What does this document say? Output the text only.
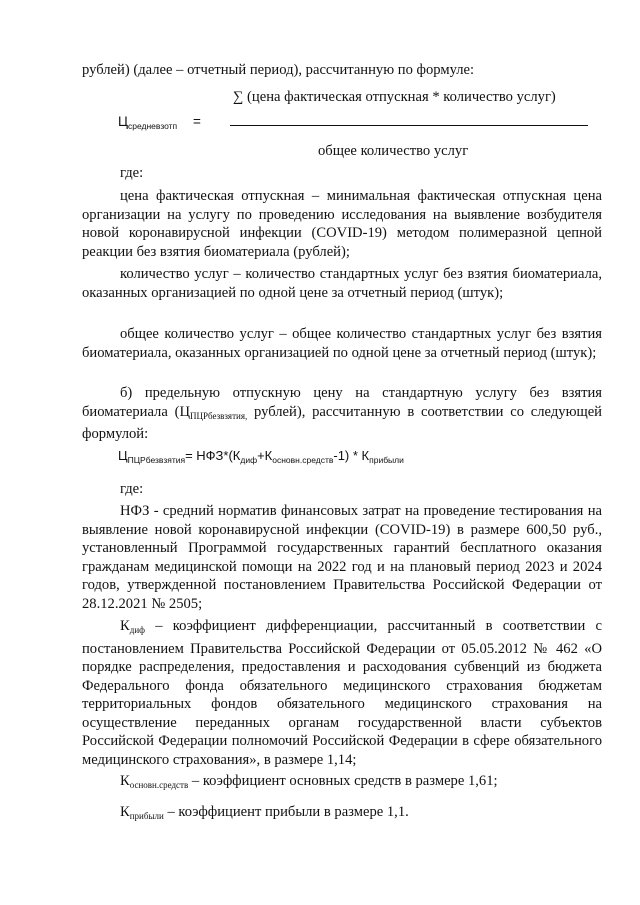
рублей) (далее – отчетный период), рассчитанную по формуле:

∑ (цена фактическая отпускная * количество услуг)
$Ц_{средневзотп}$ =
общее количество услуг

где:

цена фактическая отпускная – минимальная фактическая отпускная цена организации на услугу по проведению исследования на выявление возбудителя новой коронавирусной инфекции (COVID-19) методом полимеразной цепной реакции без взятия биоматериала (рублей);

количество услуг – количество стандартных услуг без взятия биоматериала, оказанных организацией по одной цене за отчетный период (штук);

общее количество услуг – общее количество стандартных услуг без взятия биоматериала, оказанных организацией по одной цене за отчетный период (штук);

б) предельную отпускную цену на стандартную услугу без взятия биоматериала ($Ц_{ПЦРбезвзятия,}$ рублей), рассчитанную в соответствии со следующей формулой:

$Ц_{ПЦРбезвзятия}= НФЗ*(К_{диф}+К_{основн.средств}-1) * К_{прибыли}$

где:

НФЗ - средний норматив финансовых затрат на проведение тестирования на выявление новой коронавирусной инфекции (COVID-19) в размере 600,50 руб., установленный Программой государственных гарантий бесплатного оказания гражданам медицинской помощи на 2022 год и на плановый период 2023 и 2024 годов, утвержденной постановлением Правительства Российской Федерации от 28.12.2021 № 2505;

$К_{диф}$ – коэффициент дифференциации, рассчитанный в соответствии с постановлением Правительства Российской Федерации от 05.05.2012 № 462 «О порядке распределения, предоставления и расходования субвенций из бюджета Федерального фонда обязательного медицинского страхования бюджетам территориальных фондов обязательного медицинского страхования на осуществление переданных органам государственной власти субъектов Российской Федерации полномочий Российской Федерации в сфере обязательного медицинского страхования», в размере 1,14;

$К_{основн.средств}$ – коэффициент основных средств в размере 1,61;

$К_{прибыли}$ – коэффициент прибыли в размере 1,1.
